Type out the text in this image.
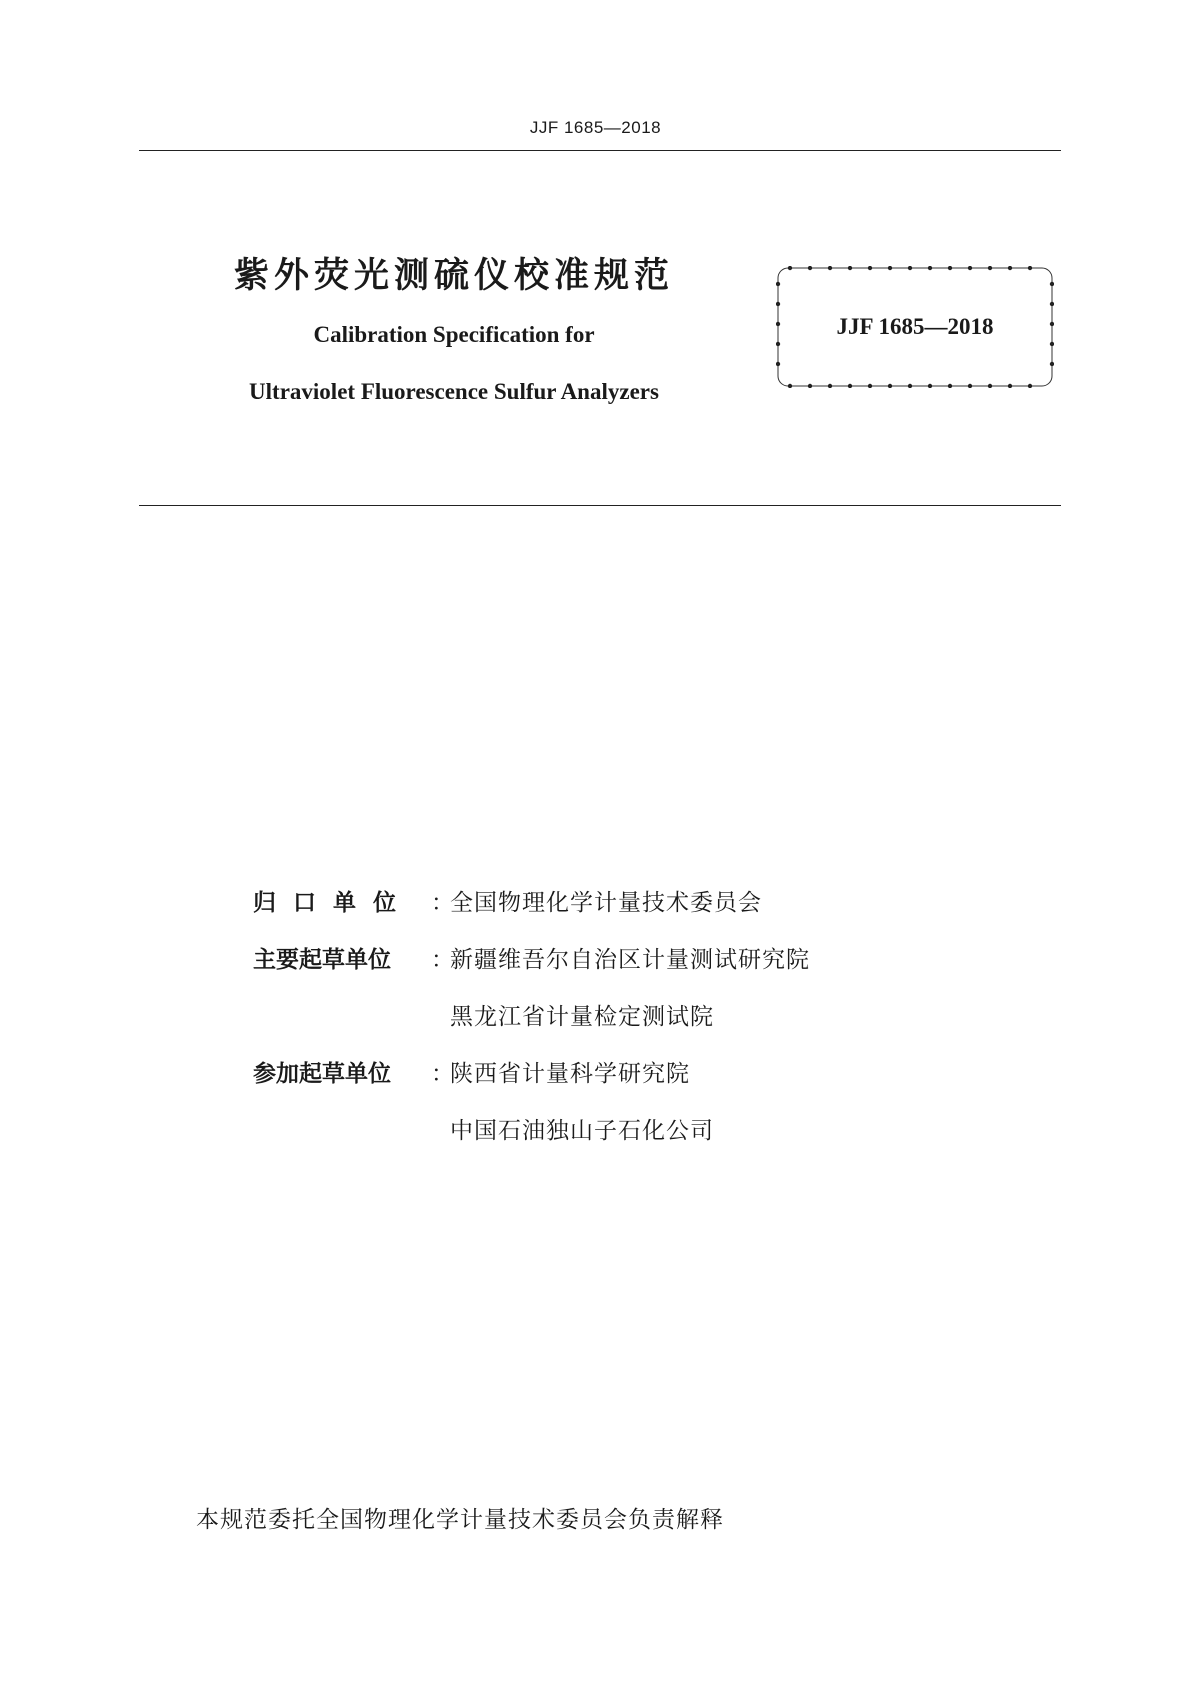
JJF 1685—2018
紫外荧光测硫仪校准规范
Calibration Specification for
Ultraviolet Fluorescence Sulfur Analyzers
JJF 1685—2018
归口单位 ：
全国物理化学计量技术委员会
主要起草单位	：
新疆维吾尔自治区计量测试研究院
黑龙江省计量检定测试院
参加起草单位	：
陕西省计量科学研究院
中国石油独山子石化公司
本规范委托全国物理化学计量技术委员会负责解释
